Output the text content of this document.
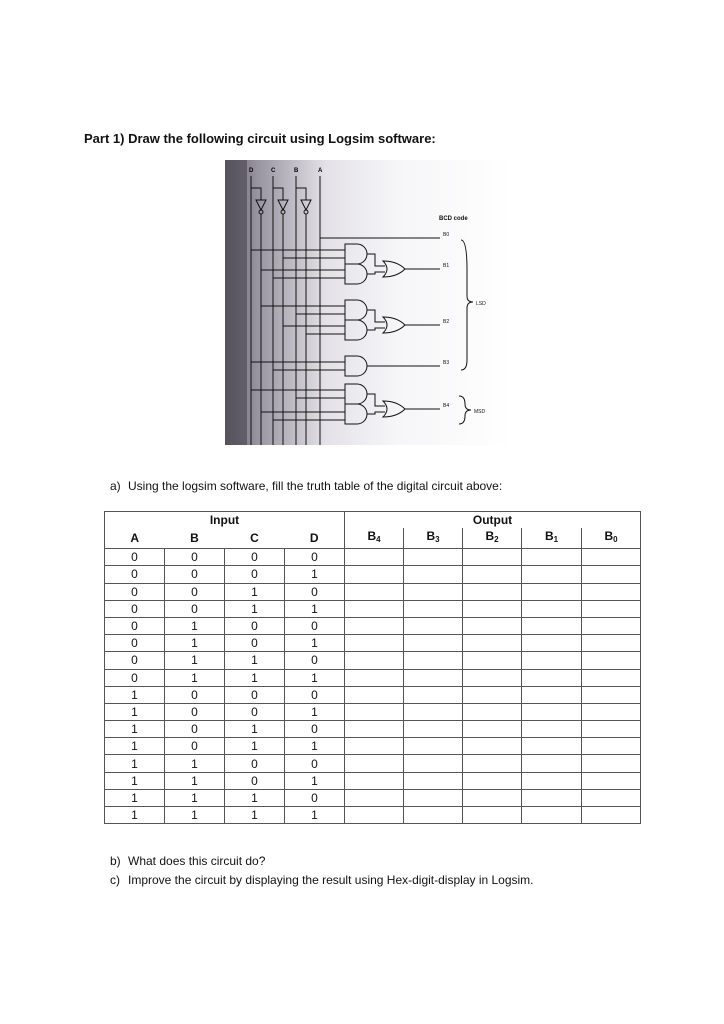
Part 1) Draw the following circuit using Logsim software:
D	C	B	A
BCD code
B0
B1
B2
B3
B4
LSD
MSD
a) Using the logsim software, fill the truth table of the digital circuit above:
Input				Output				
A	B	C	D	$B_4$	$B_3$	$B_2$	$B_1$	$B_0$
0	0	0	0					
0	0	0	1					
0	0	1	0					
0	0	1	1					
0	1	0	0					
0	1	0	1					
0	1	1	0					
0	1	1	1					
1	0	0	0					
1	0	0	1					
1	0	1	0					
1	0	1	1					
1	1	0	0					
1	1	0	1					
1	1	1	0					
1	1	1	1					
b) What does this circuit do?
c) Improve the circuit by displaying the result using Hex-digit-display in Logsim.
